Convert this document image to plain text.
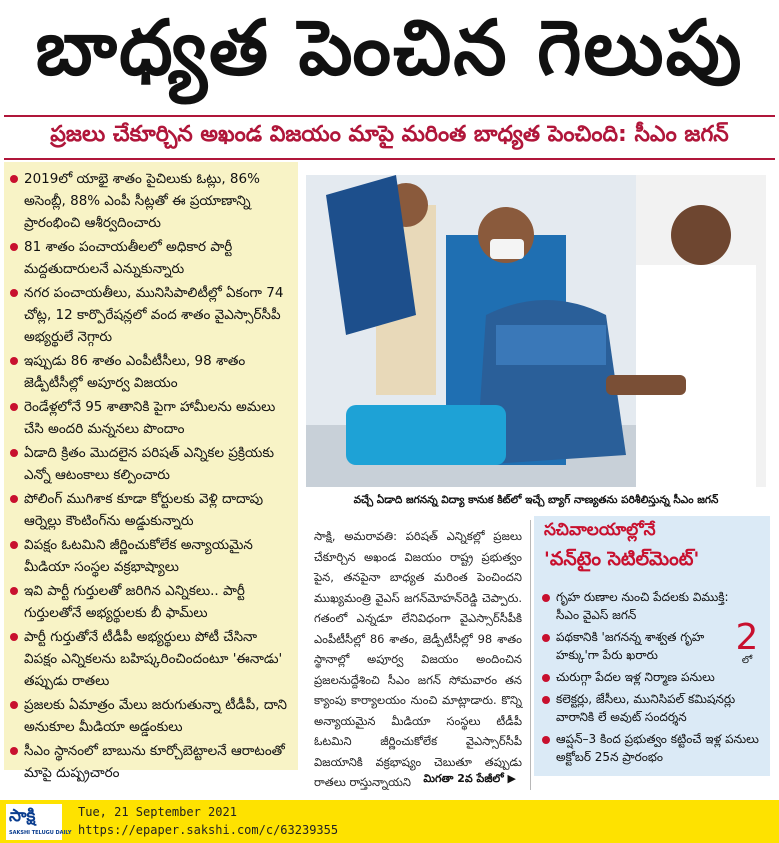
బాధ్యత పెంచిన గెలుపు
ప్రజలు చేకూర్చిన అఖండ విజయం మాపై మరింత బాధ్యత పెంచింది: సీఎం జగన్
2019లో యాభై శాతం పైచిలుకు ఓట్లు, 86% అసెంబ్లీ, 88% ఎంపీ సీట్లతో ఈ ప్రయాణాన్ని ప్రారంభించి ఆశీర్వదించారు
81 శాతం పంచాయతీలలో అధికార పార్టీ మద్దతుదారులనే ఎన్నుకున్నారు
నగర పంచాయతీలు, మునిసిపాలిటీల్లో ఏకంగా 74 చోట్ల, 12 కార్పొరేషన్లలో వంద శాతం వైఎస్సార్‌సీపీ అభ్యర్థులే నెగ్గారు
ఇప్పుడు 86 శాతం ఎంపీటీసీలు, 98 శాతం జెడ్పీటీసీల్లో అపూర్వ విజయం
రెండేళ్లలోనే 95 శాతానికి పైగా హామీలను అమలు చేసి అందరి మన్ననలు పొందాం
ఏడాది క్రితం మొదలైన పరిషత్ ఎన్నికల ప్రక్రియకు ఎన్నో ఆటంకాలు కల్పించారు
పోలింగ్ ముగిశాక కూడా కోర్టులకు వెళ్లి దాదాపు ఆర్నెల్లు కౌంటింగ్‌ను అడ్డుకున్నారు
విపక్షం ఓటమిని జీర్ణించుకోలేక అన్యాయమైన మీడియా సంస్థల వక్రభాష్యాలు
ఇవి పార్టీ గుర్తులతో జరిగిన ఎన్నికలు.. పార్టీ గుర్తులతోనే అభ్యర్థులకు బీ ఫామ్‌లు
పార్టీ గుర్తుతోనే టీడీపీ అభ్యర్థులు పోటీ చేసినా విపక్షం ఎన్నికలను బహిష్కరించిందంటూ 'ఈనాడు' తప్పుడు రాతలు
ప్రజలకు ఏమాత్రం మేలు జరుగుతున్నా టీడీపీ, దాని అనుకూల మీడియా అడ్డంకులు
సీఎం స్థానంలో బాబును కూర్చోబెట్టాలనే ఆరాటంతో మాపై దుష్ప్రచారం
వచ్చే ఏడాది జగనన్న విద్యా కానుక కిట్‌లో ఇచ్చే బ్యాగ్ నాణ్యతను పరిశీలిస్తున్న సీఎం జగన్

సాక్షి, అమరావతి: పరిషత్ ఎన్నికల్లో ప్రజలు చేకూర్చిన అఖండ విజయం రాష్ట్ర ప్రభుత్వం పైన, తనపైనా బాధ్యత మరింత పెంచిందని ముఖ్యమంత్రి వైఎస్ జగన్‌మోహన్‌రెడ్డి చెప్పారు. గతంలో ఎన్నడూ లేనివిధంగా వైఎస్సార్‌సీపీకి ఎంపీటీసీల్లో 86 శాతం, జెడ్పీటీసీల్లో 98 శాతం స్థానాల్లో అపూర్వ విజయం అందించిన ప్రజలనుద్దేశించి సీఎం జగన్ సోమవారం తన క్యాంపు కార్యాలయం నుంచి మాట్లాడారు. కొన్ని అన్యాయమైన మీడియా సంస్థలు టీడీపీ ఓటమిని జీర్ణించుకోలేక వైఎస్సార్‌సీపీ విజయానికి వక్రభాష్యం చెబుతూ తప్పుడు రాతలు రాస్తున్నాయని	మిగతా 2వ పేజీలో ▶
సచివాలయాల్లోనే
'వన్‌టైం సెటిల్‌మెంట్'
గృహ రుణాల నుంచి పేదలకు విముక్తి: సీఎం వైఎస్ జగన్
పథకానికి 'జగనన్న శాశ్వత గృహ హక్కు'గా పేరు ఖరారు
చురుగ్గా పేదల ఇళ్ల నిర్మాణ పనులు
కలెక్టర్లు, జేసీలు, మునిసిపల్ కమిషనర్లు వారానికి లే అవుట్ సందర్శన
ఆప్షన్–3 కింద ప్రభుత్వం కట్టించే ఇళ్ల పనులు అక్టోబర్ 25న ప్రారంభం
2
లో
సాక్షి
SAKSHI TELUGU DAILY
Tue, 21 September 2021
https://epaper.sakshi.com/c/63239355
